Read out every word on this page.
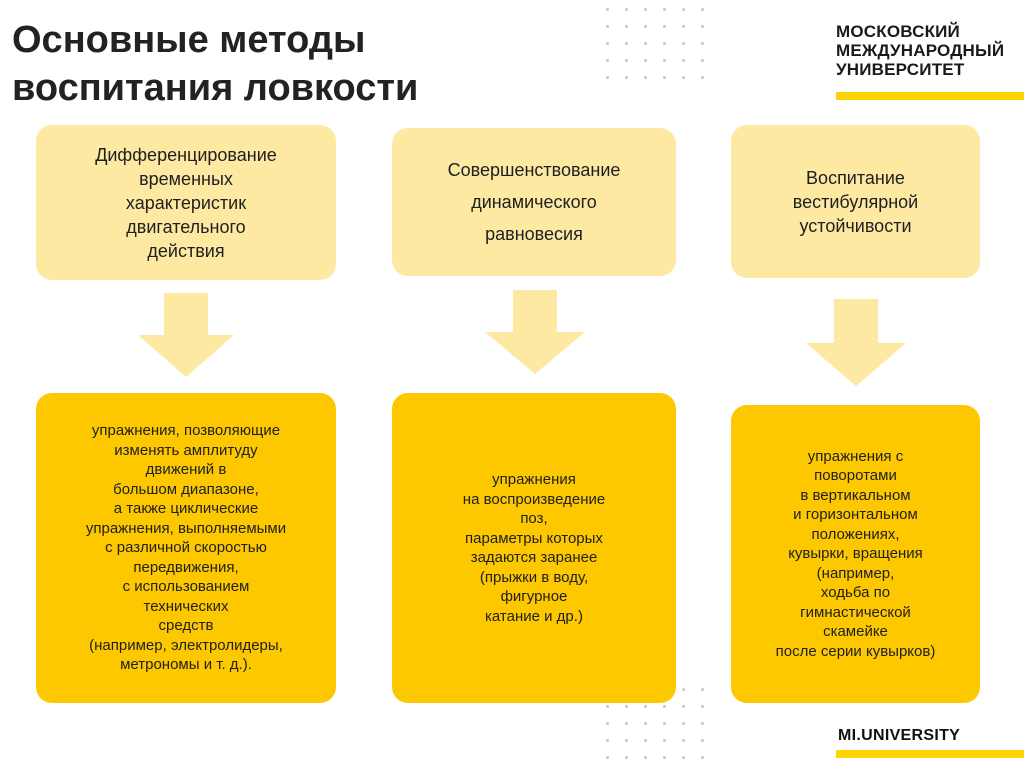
Основные методы
воспитания ловкости
МОСКОВСКИЙ
МЕЖДУНАРОДНЫЙ
УНИВЕРСИТЕТ
Дифференцирование
временных
характеристик
двигательного
действия
упражнения, позволяющие
изменять амплитуду
движений в
большом диапазоне,
а также циклические
упражнения, выполняемыми
с различной скоростью
передвижения,
с использованием
технических
средств
(например, электролидеры,
метрономы и т. д.).
Совершенствование
динамического
равновесия
упражнения
на воспроизведение
поз,
параметры которых
задаются заранее
(прыжки в воду,
фигурное
катание и др.)
Воспитание
вестибулярной
устойчивости
упражнения с
поворотами
в вертикальном
и горизонтальном
положениях,
кувырки, вращения
(например,
ходьба по
гимнастической
скамейке
после серии кувырков)
MI.UNIVERSITY
